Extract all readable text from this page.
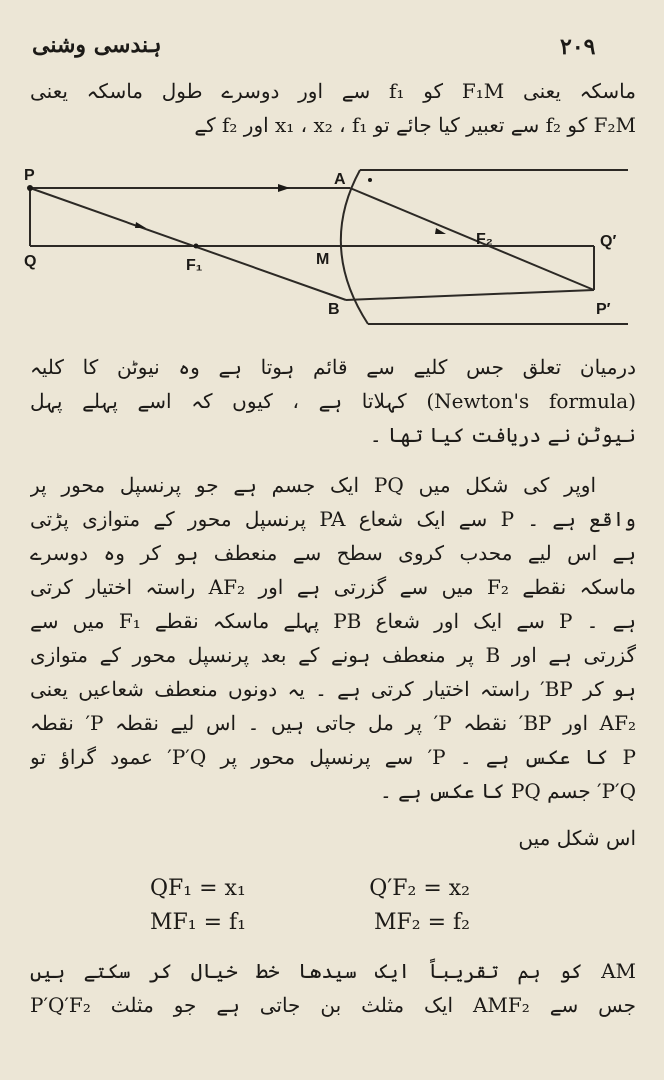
ہندسی وشنی	۲۰۹
ماسکہ یعنی F₁M کو f₁ سے اور دوسرے طول ماسکہ یعنی
F₂M کو f₂ سے تعبیر کیا جائے تو x₁ ، x₂ ، f₁ اور f₂ کے
P
Q
A
M
B
F₁
F₂	Q′
P′
درمیان تعلق جس کلیے سے قائم ہوتا ہے وہ نیوٹن کا کلیہ
(Newton's formula) کہلاتا ہے ، کیوں کہ اسے پہلے پہل
نیوٹن نے دریافت کیا تھا ۔
اوپر کی شکل میں PQ ایک جسم ہے جو پرنسپل محور پر
واقع ہے ۔ P سے ایک شعاع PA پرنسپل محور کے متوازی پڑتی
ہے اس لیے محدب کروی سطح سے منعطف ہو کر وہ دوسرے
ماسکہ نقطے F₂ میں سے گزرتی ہے اور AF₂ راستہ اختیار کرتی
ہے ۔ P سے ایک اور شعاع PB پہلے ماسکہ نقطے F₁ میں سے
گزرتی ہے اور B پر منعطف ہونے کے بعد پرنسپل محور کے متوازی
ہو کر BP′ راستہ اختیار کرتی ہے ۔ یہ دونوں منعطف شعاعیں یعنی
AF₂ اور BP′ نقطہ P′ پر مل جاتی ہیں ۔ اس لیے نقطہ P′ نقطہ
P کا عکس ہے ۔ P′ سے پرنسپل محور پر P′Q′ عمود گراؤ تو
P′Q′ جسم PQ کا عکس ہے ۔
اس شکل میں
QF₁ = x₁	Q′F₂ = x₂
MF₁ = f₁	MF₂ = f₂
AM کو ہم تقریباً ایک سیدھا خط خیال کر سکتے ہیں
جس سے AMF₂ ایک مثلث بن جاتی ہے جو مثلث P′Q′F₂
